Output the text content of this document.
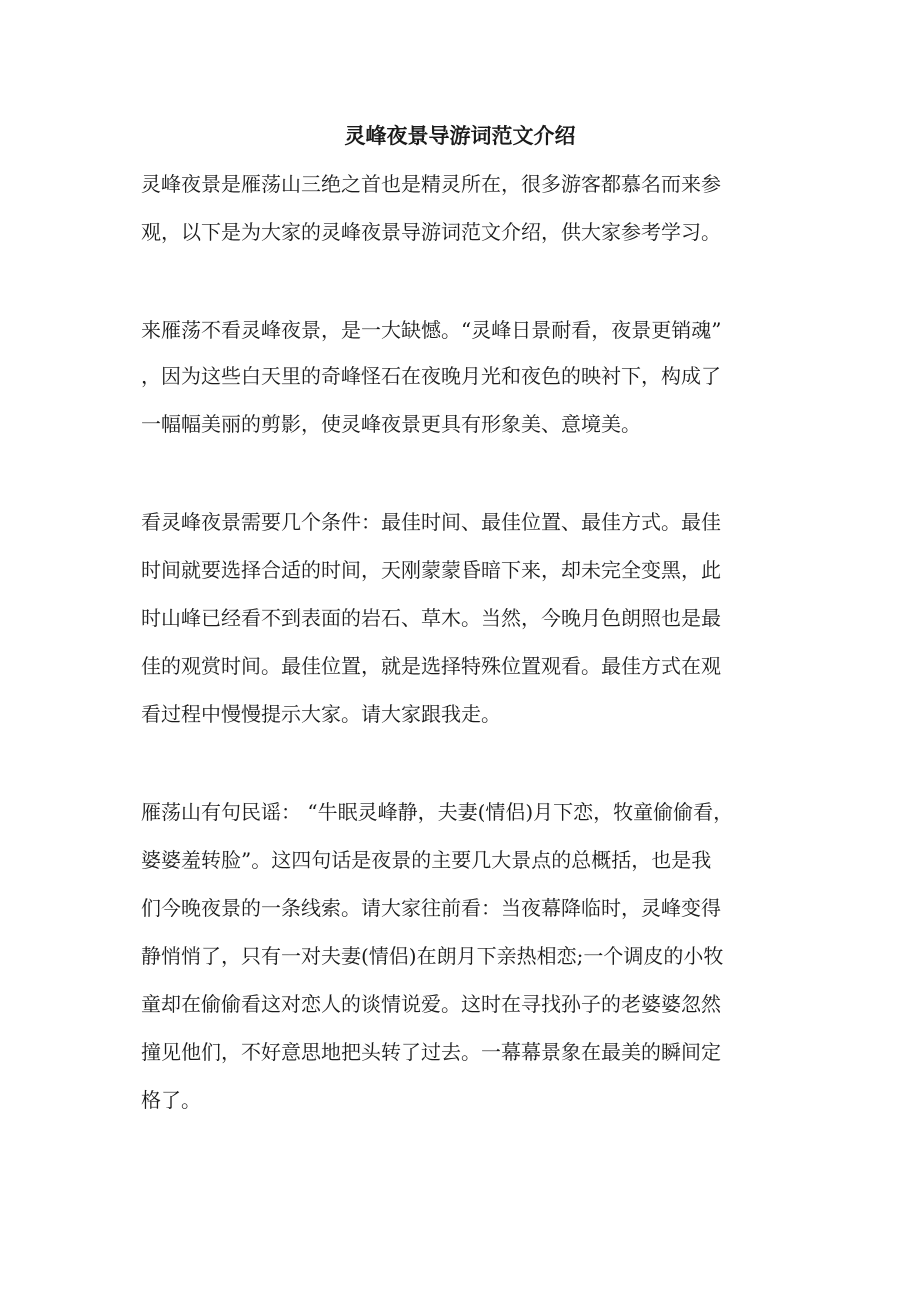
灵峰夜景导游词范文介绍

灵峰夜景是雁荡山三绝之首也是精灵所在，很多游客都慕名而来参

观，以下是为大家的灵峰夜景导游词范文介绍，供大家参考学习。

来雁荡不看灵峰夜景，是一大缺憾。“灵峰日景耐看，夜景更销魂”

，因为这些白天里的奇峰怪石在夜晚月光和夜色的映衬下，构成了

一幅幅美丽的剪影，使灵峰夜景更具有形象美、意境美。

看灵峰夜景需要几个条件：最佳时间、最佳位置、最佳方式。最佳

时间就要选择合适的时间，天刚蒙蒙昏暗下来，却未完全变黑，此

时山峰已经看不到表面的岩石、草木。当然，今晚月色朗照也是最

佳的观赏时间。最佳位置，就是选择特殊位置观看。最佳方式在观

看过程中慢慢提示大家。请大家跟我走。

雁荡山有句民谣： “牛眠灵峰静，夫妻(情侣)月下恋，牧童偷偷看，

婆婆羞转脸”。这四句话是夜景的主要几大景点的总概括，也是我

们今晚夜景的一条线索。请大家往前看：当夜幕降临时，灵峰变得

静悄悄了，只有一对夫妻(情侣)在朗月下亲热相恋;一个调皮的小牧

童却在偷偷看这对恋人的谈情说爱。这时在寻找孙子的老婆婆忽然

撞见他们，不好意思地把头转了过去。一幕幕景象在最美的瞬间定

格了。
